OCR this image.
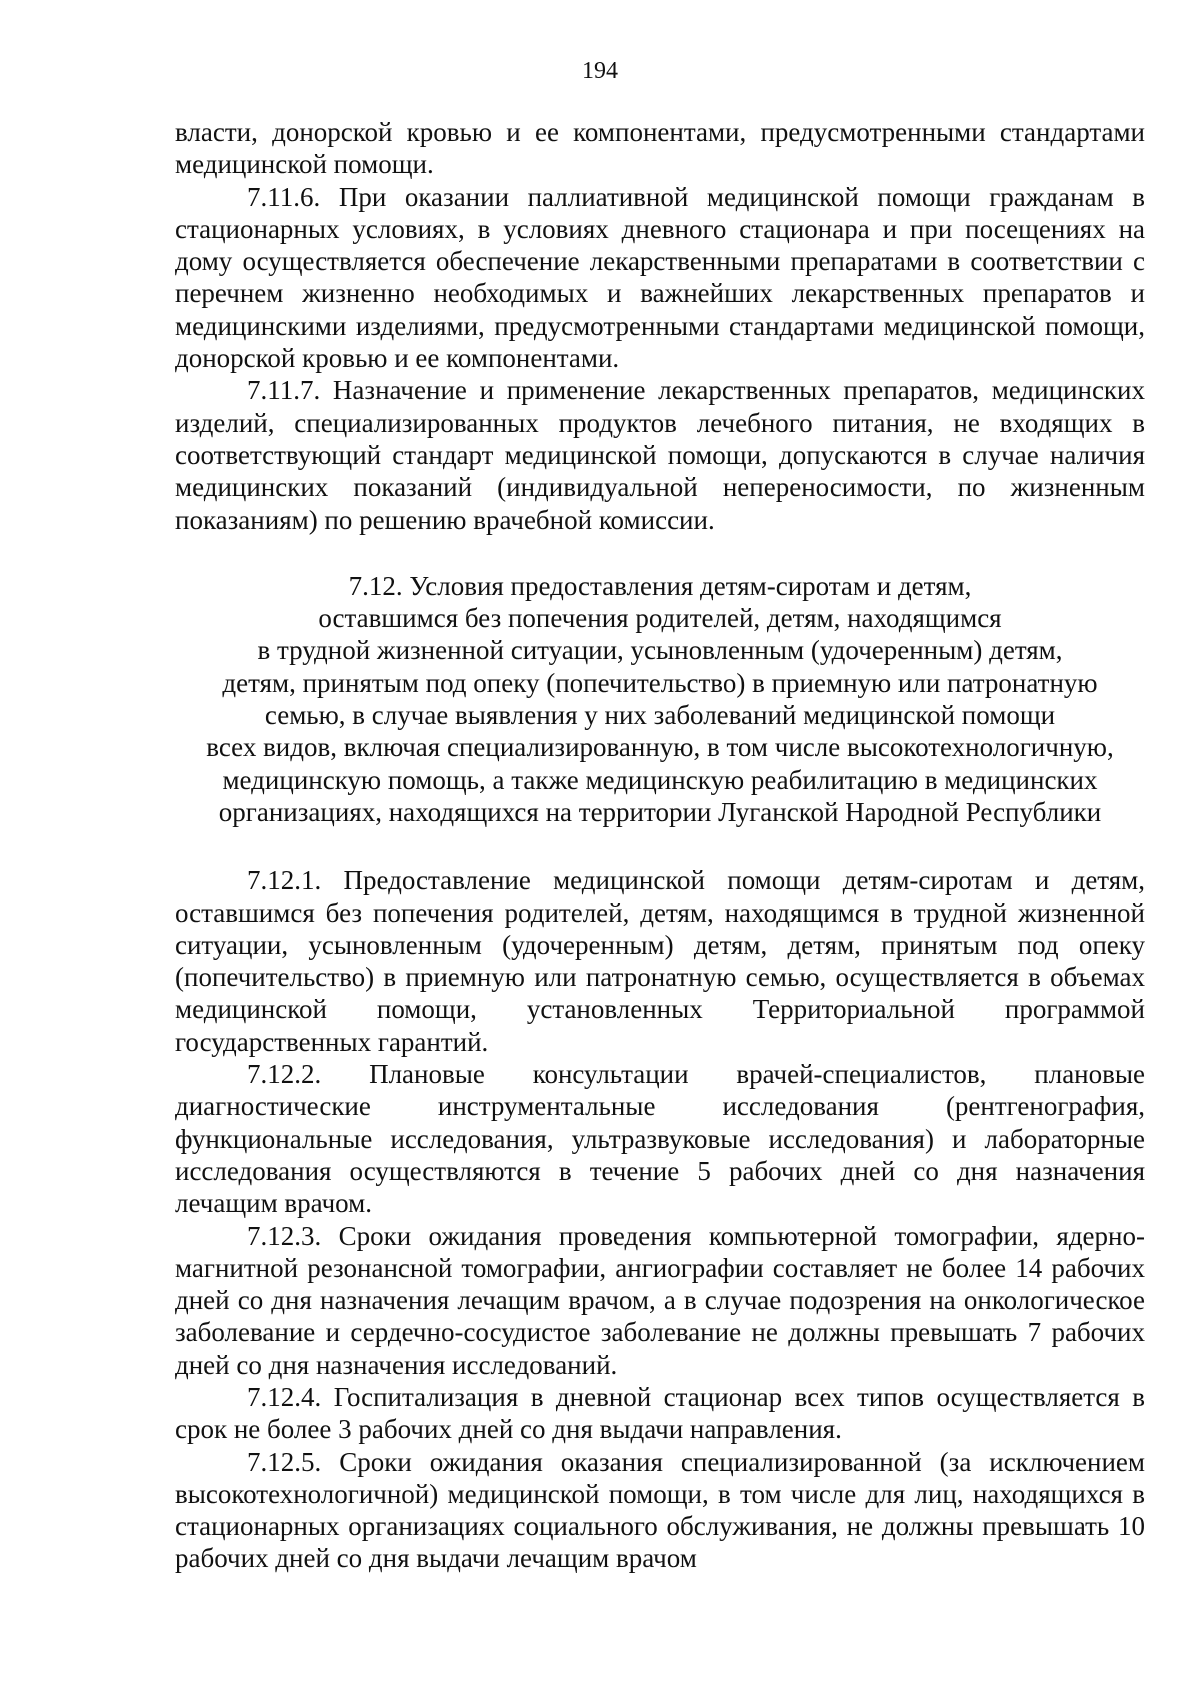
194

власти, донорской кровью и ее компонентами, предусмотренными стандартами медицинской помощи.

7.11.6. При оказании паллиативной медицинской помощи гражданам в стационарных условиях, в условиях дневного стационара и при посещениях на дому осуществляется обеспечение лекарственными препаратами в соответствии с перечнем жизненно необходимых и важнейших лекарственных препаратов и медицинскими изделиями, предусмотренными стандартами медицинской помощи, донорской кровью и ее компонентами.

7.11.7. Назначение и применение лекарственных препаратов, медицинских изделий, специализированных продуктов лечебного питания, не входящих в соответствующий стандарт медицинской помощи, допускаются в случае наличия медицинских показаний (индивидуальной непереносимости, по жизненным показаниям) по решению врачебной комиссии.

7.12. Условия предоставления детям-сиротам и детям,
оставшимся без попечения родителей, детям, находящимся
в трудной жизненной ситуации, усыновленным (удочеренным) детям,
детям, принятым под опеку (попечительство) в приемную или патронатную
семью, в случае выявления у них заболеваний медицинской помощи
всех видов, включая специализированную, в том числе высокотехнологичную,
медицинскую помощь, а также медицинскую реабилитацию в медицинских
организациях, находящихся на территории Луганской Народной Республики

7.12.1. Предоставление медицинской помощи детям-сиротам и детям, оставшимся без попечения родителей, детям, находящимся в трудной жизненной ситуации, усыновленным (удочеренным) детям, детям, принятым под опеку (попечительство) в приемную или патронатную семью, осуществляется в объемах медицинской помощи, установленных Территориальной программой государственных гарантий.

7.12.2. Плановые консультации врачей-специалистов, плановые диагностические инструментальные исследования (рентгенография, функциональные исследования, ультразвуковые исследования) и лабораторные исследования осуществляются в течение 5 рабочих дней со дня назначения лечащим врачом.

7.12.3. Сроки ожидания проведения компьютерной томографии, ядерно-магнитной резонансной томографии, ангиографии составляет не более 14 рабочих дней со дня назначения лечащим врачом, а в случае подозрения на онкологическое заболевание и сердечно-сосудистое заболевание не должны превышать 7 рабочих дней со дня назначения исследований.

7.12.4. Госпитализация в дневной стационар всех типов осуществляется в срок не более 3 рабочих дней со дня выдачи направления.

7.12.5. Сроки ожидания оказания специализированной (за исключением высокотехнологичной) медицинской помощи, в том числе для лиц, находящихся в стационарных организациях социального обслуживания, не должны превышать 10 рабочих дней со дня выдачи лечащим врачом
